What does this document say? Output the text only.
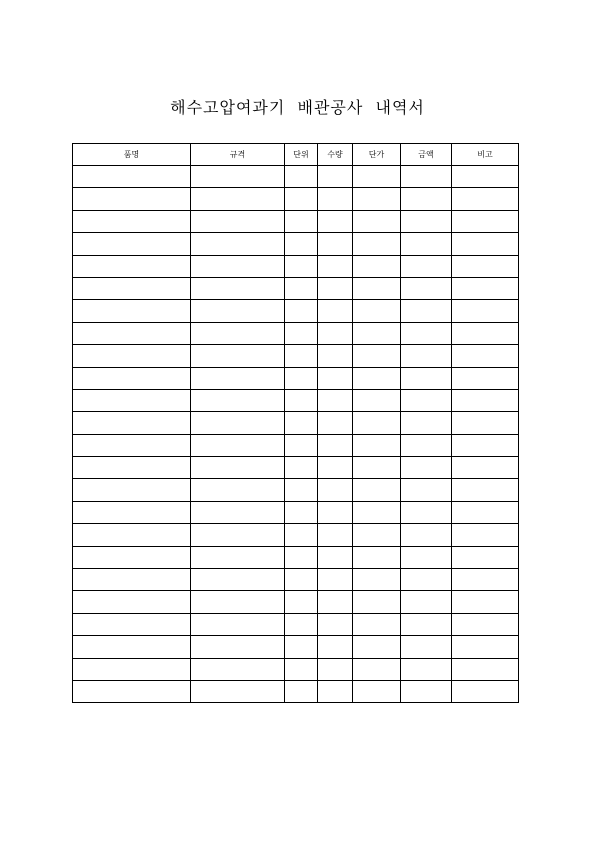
해수고압여과기  배관공사  내역서
품명	규격	단위	수량	단가	금액	비고
